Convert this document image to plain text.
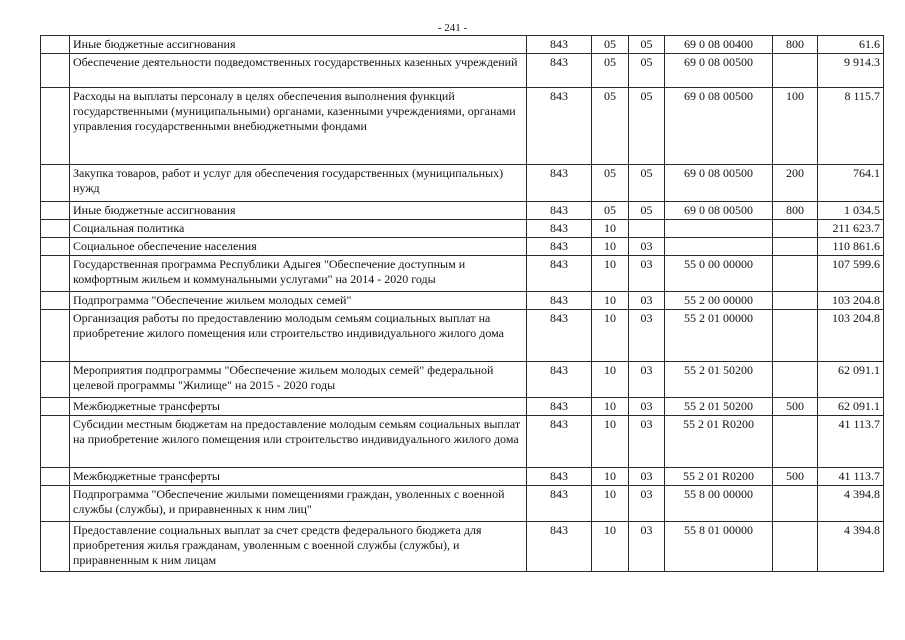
- 241 -
	Иные бюджетные ассигнования	843	05	05	69 0 08 00400	800	61.6
	Обеспечение деятельности подведомственных государственных казенных учреждений	843	05	05	69 0 08 00500		9 914.3
	Расходы на выплаты персоналу в целях обеспечения выполнения функций государственными (муниципальными) органами, казенными учреждениями, органами управления государственными внебюджетными фондами	843	05	05	69 0 08 00500	100	8 115.7
	Закупка товаров, работ и услуг для обеспечения государственных (муниципальных) нужд	843	05	05	69 0 08 00500	200	764.1
	Иные бюджетные ассигнования	843	05	05	69 0 08 00500	800	1 034.5
	Социальная политика	843	10				211 623.7
	Социальное обеспечение населения	843	10	03			110 861.6
	Государственная программа Республики Адыгея "Обеспечение доступным и комфортным жильем и коммунальными услугами" на 2014 - 2020 годы	843	10	03	55 0 00 00000		107 599.6
	Подпрограмма "Обеспечение жильем молодых семей"	843	10	03	55 2 00 00000		103 204.8
	Организация работы по предоставлению молодым семьям социальных выплат на приобретение жилого помещения или строительство индивидуального жилого дома	843	10	03	55 2 01 00000		103 204.8
	Мероприятия подпрограммы "Обеспечение жильем молодых семей" федеральной целевой программы "Жилище" на 2015 - 2020 годы	843	10	03	55 2 01 50200		62 091.1
	Межбюджетные трансферты	843	10	03	55 2 01 50200	500	62 091.1
	Субсидии местным бюджетам на предоставление молодым семьям социальных выплат на приобретение жилого помещения или строительство индивидуального жилого дома	843	10	03	55 2 01 R0200		41 113.7
	Межбюджетные трансферты	843	10	03	55 2 01 R0200	500	41 113.7
	Подпрограмма "Обеспечение жилыми помещениями граждан, уволенных с военной службы (службы), и приравненных к ним лиц"	843	10	03	55 8 00 00000		4 394.8
	Предоставление социальных выплат за счет средств федерального бюджета для приобретения жилья гражданам, уволенным с военной службы (службы), и приравненным к ним лицам	843	10	03	55 8 01 00000		4 394.8
